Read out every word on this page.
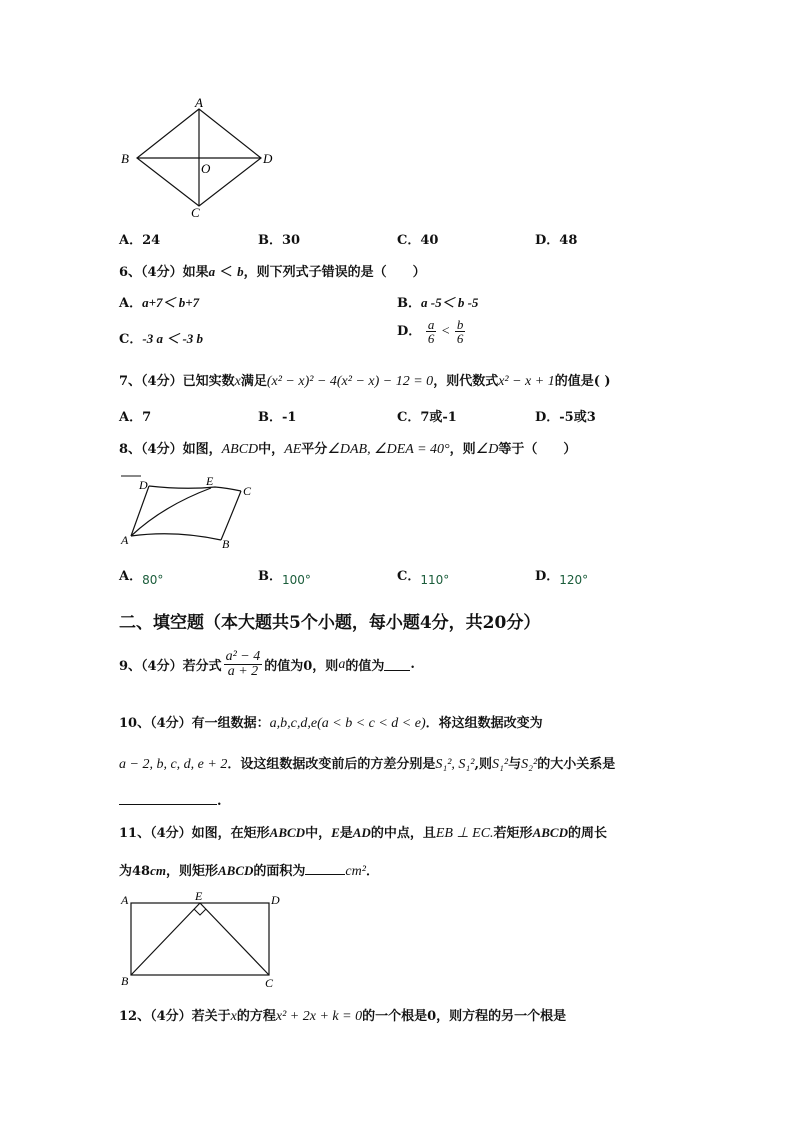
A
B
C
D
O
A．24	B．30	C．40	D．48
6、（4分）如果a ＜ b，则下列式子错误的是（　　）
A．a+7＜ b+7	B．a -5＜ b -5
C．-3 a ＜ -3 b	D． $\frac{a}{6} < \frac{b}{6}$
7、（4分）已知实数x满足(x² − x)² − 4(x² − x) − 12 = 0，则代数式x² − x + 1的值是( )
A．7	B．-1	C．7或-1	D．-5或3
8、（4分）如图，ABCD中，AE平分∠DAB, ∠DEA = 40°，则∠D等于（　　）
D	E
C
A	B
A．80°	B．100°	C．110°	D．120°
二、填空题（本大题共5个小题，每小题4分，共20分）
9、（4分） 若分式 $\frac{\text{a² − 4}}{a + 2}$ 的值为0，则 a 的值为 .
10、（4分）有一组数据：a,b,c,d,e(a < b < c < d < e)．将这组数据改变为
a − 2, b, c, d, e + 2．设这组数据改变前后的方差分别是S₁², S₁²,则S₁²与S₂²的大小关系是
.
11、（4分）如图，在矩形ABCD中，E是AD的中点，且EB ⊥ EC.若矩形ABCD的周长
为48cm，则矩形ABCD的面积为	cm²．
A	E	D
B	C
12、（4分）若关于x的方程x² + 2x + k = 0的一个根是0，则方程的另一个根是
